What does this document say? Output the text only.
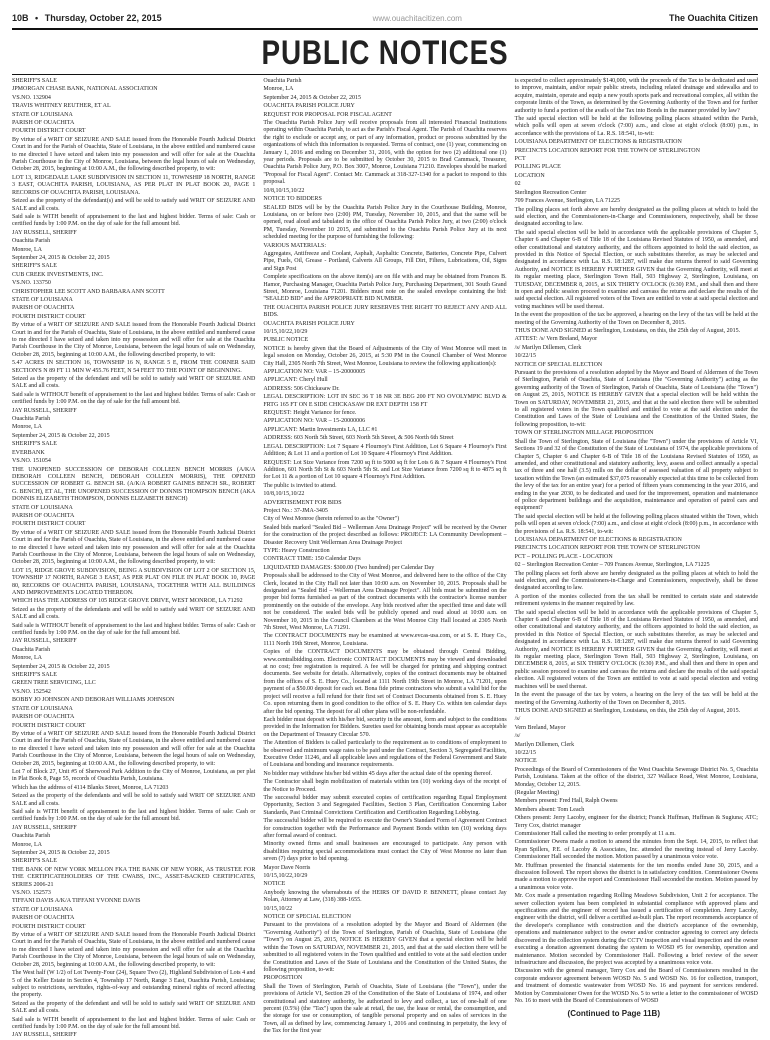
10B • Thursday, October 22, 2015	www.ouachitacitizen.com	The Ouachita Citizen
PUBLIC NOTICES

SHERIFF'S SALE

JPMORGAN CHASE BANK, NATIONAL ASSOCIATION

VS.NO. 132904

TRAVIS WHITNEY REUTHER, ET AL

STATE OF LOUISIANA

PARISH OF OUACHITA

FOURTH DISTRICT COURT

By virtue of a WRIT OF SEIZURE AND SALE issued from the Honorable Fourth Judicial District Court in and for the Parish of Ouachita, State of Louisiana, in the above entitled and numbered cause to me directed I have seized and taken into my possession and will offer for sale at the Ouachita Parish Courthouse in the City of Monroe, Louisiana, between the legal hours of sale on Wednesday, October 28, 2015, beginning at 10:00 A.M., the following described property, to wit:

LOT 13, RIDGEDALE LAKE SUBDIVISION IN SECTION 11, TOWNSHIP 18 NORTH, RANGE 3 EAST, OUACHITA PARISH, LOUISIANA, AS PER PLAT IN PLAT BOOK 20, PAGE 1 RECORDS OF OUACHITA PARISH, LOUISIANA.

Seized as the property of the defendant(s) and will be sold to satisfy said WRIT OF SEIZURE AND SALE and all costs.

Said sale is WITH benefit of appraisement to the last and highest bidder. Terms of sale: Cash or certified funds by 1:00 P.M. on the day of sale for the full amount bid.

JAY RUSSELL, SHERIFF

Ouachita Parish

Monroe, LA

September 24, 2015 & October 22, 2015

SHERIFF'S SALE

CUB CREEK INVESTMENTS, INC.

VS.NO. 133750

CHRISTOPHER LEE SCOTT AND BARBARA ANN SCOTT

STATE OF LOUISIANA

PARISH OF OUACHITA

FOURTH DISTRICT COURT

By virtue of a WRIT OF SEIZURE AND SALE issued from the Honorable Fourth Judicial District Court in and for the Parish of Ouachita, State of Louisiana, in the above entitled and numbered cause to me directed I have seized and taken into my possession and will offer for sale at the Ouachita Parish Courthouse in the City of Monroe, Louisiana, between the legal hours of sale on Wednesday, October 28, 2015, beginning at 10:00 A.M., the following described property, to wit:

5.47 ACRES IN SECTION 16, TOWNSHIP 16 N, RANGE 5 E, FROM THE CORNER SAID SECTION'S N 89 FT 11 MIN W 455.76 FEET, N 54 FEET TO THE POINT OF BEGINNING.

Seized as the property of the defendant and will be sold to satisfy said WRIT OF SEIZURE AND SALE and all costs.

Said sale is WITHOUT benefit of appraisement to the last and highest bidder. Terms of sale: Cash or certified funds by 1:00 P.M. on the day of sale for the full amount bid.

JAY RUSSELL, SHERIFF

Ouachita Parish

Monroe, LA

September 24, 2015 & October 22, 2015

SHERIFF'S SALE

EVERBANK

VS.NO. 151054

THE UNOPENED SUCCESSION OF DEBORAH COLLEEN BENCH MORRIS (A/K/A DEBORAH COLLEEN BENCH, DEBORAH COLLEEN MORRIS), THE OPENED SUCCESSION OF ROBERT G. BENCH SR. (A/K/A ROBERT GAINES BENCH SR., ROBERT G. BENCH), ET AL, THE UNOPENED SUCCESSION OF DONNIS THOMPSON BENCH (AKA DONNIS ELIZABETH THOMPSON, DONNIS ELIZABETH BENCH)

STATE OF LOUISIANA

PARISH OF OUACHITA

FOURTH DISTRICT COURT

By virtue of a WRIT OF SEIZURE AND SALE issued from the Honorable Fourth Judicial District Court in and for the Parish of Ouachita, State of Louisiana, in the above entitled and numbered cause to me directed I have seized and taken into my possession and will offer for sale at the Ouachita Parish Courthouse in the City of Monroe, Louisiana, between the legal hours of sale on Wednesday, October 28, 2015, beginning at 10:00 A.M., the following described property, to wit:

LOT 15, RIDGE GROVE SUBDIVISION, BEING A SUBDIVISION OF LOT 2 OF SECTION 15, TOWNSHIP 17 NORTH, RANGE 3 EAST, AS PER PLAT ON FILE IN PLAT BOOK 10, PAGE 80, RECORDS OF OUACHITA PARISH, LOUISIANA, TOGETHER WITH ALL BUILDINGS AND IMPROVEMENTS LOCATED THEREON.

WHICH HAS THE ADDRESS OF 105 RIDGE GROVE DRIVE, WEST MONROE, LA 71292

Seized as the property of the defendants and will be sold to satisfy said WRIT OF SEIZURE AND SALE and all costs.

Said sale is WITHOUT benefit of appraisement to the last and highest bidder. Terms of sale: Cash or certified funds by 1:00 P.M. on the day of sale for the full amount bid.

JAY RUSSELL, SHERIFF

Ouachita Parish

Monroe, LA

September 24, 2015 & October 22, 2015

SHERIFF'S SALE

GREEN TREE SERVICING, LLC

VS.NO. 152542

BOBBY JO JOHNSON AND DEBORAH WILLIAMS JOHNSON

STATE OF LOUISIANA

PARISH OF OUACHITA

FOURTH DISTRICT COURT

By virtue of a WRIT OF SEIZURE AND SALE issued from the Honorable Fourth Judicial District Court in and for the Parish of Ouachita, State of Louisiana, in the above entitled and numbered cause to me directed I have seized and taken into my possession and will offer for sale at the Ouachita Parish Courthouse in the City of Monroe, Louisiana, between the legal hours of sale on Wednesday, October 28, 2015, beginning at 10:00 A.M., the following described property, to wit:

Lot 7 of Block 27, Unit #5 of Sherwood Park Addition to the City of Monroe, Louisiana, as per plat in Plat Book 8, Page 55, records of Ouachita Parish, Louisiana.

Which has the address of 4114 Blanks Street, Monroe, LA 71203

Seized as the property of the defendants and will be sold to satisfy said WRIT OF SEIZURE AND SALE and all costs.

Said sale is WITH benefit of appraisement to the last and highest bidder. Terms of sale: Cash or certified funds by 1:00 P.M. on the day of sale for the full amount bid.

JAY RUSSELL, SHERIFF

Ouachita Parish

Monroe, LA

September 24, 2015 & October 22, 2015

SHERIFF'S SALE

THE BANK OF NEW YORK MELLON FKA THE BANK OF NEW YORK, AS TRUSTEE FOR THE CERTIFICATEHOLDERS OF THE CWABS, INC., ASSET-BACKED CERTIFICATES, SERIES 2006-21

VS.NO. 152573

TIFFANI DAVIS A/K/A TIFFANI YVONNE DAVIS

STATE OF LOUISIANA

PARISH OF OUACHITA

FOURTH DISTRICT COURT

By virtue of a WRIT OF SEIZURE AND SALE issued from the Honorable Fourth Judicial District Court in and for the Parish of Ouachita, State of Louisiana, in the above entitled and numbered cause to me directed I have seized and taken into my possession and will offer for sale at the Ouachita Parish Courthouse in the City of Monroe, Louisiana, between the legal hours of sale on Wednesday, October 28, 2015, beginning at 10:00 A.M., the following described property, to wit:

The West half (W 1/2) of Lot Twenty-Four (24), Square Two (2), Highland Subdivision of Lots 4 and 5 of the Keller Estate in Section 4, Township 17 North, Range 3 East, Ouachita Parish, Louisiana; subject to restrictions, servitudes, rights-of-way and outstanding mineral rights of record affecting the property.

Seized as the property of the defendant and will be sold to satisfy said WRIT OF SEIZURE AND SALE and all costs.

Said sale is WITH benefit of appraisement to the last and highest bidder. Terms of sale: Cash or certified funds by 1:00 P.M. on the day of sale for the full amount bid.

JAY RUSSELL, SHERIFF

Ouachita Parish

Monroe, LA

September 24, 2015 & October 22, 2015

OUACHITA PARISH POLICE JURY

REQUEST FOR PROPOSAL FOR FISCAL AGENT

The Ouachita Parish Police Jury will receive proposals from all interested Financial Institutions operating within Ouachita Parish, to act as the Parish's Fiscal Agent. The Parish of Ouachita reserves the right to exclude or accept any, or part of any information, product or process submitted by the organizations of which this information is requested. Terms of contract, one (1) year, commencing on January 1, 2016 and ending on December 31, 2016, with the option for two (2) additional one (1) year periods. Proposals are to be submitted by October 30, 2015 to Brad Cammack, Treasurer, Ouachita Parish Police Jury, P.O. Box 3007, Monroe, Louisiana 71210. Envelopes should be marked "Proposal for Fiscal Agent". Contact Mr. Cammack at 318-327-1340 for a packet to respond to this proposal.

10/8,10/15,10/22

NOTICE TO BIDDERS

SEALED BIDS will be by the Ouachita Parish Police Jury in the Courthouse Building, Monroe, Louisiana, on or before two (2:00) PM, Tuesday, November 10, 2015, and that the same will be opened, read aloud and tabulated in the office of Ouachita Parish Police Jury, at two (2:00) o'clock PM, Tuesday, November 10 2015, and submitted to the Ouachita Parish Police Jury at its next scheduled meeting for the purpose of furnishing the following:

VARIOUS MATERIALS:

Aggregates, Antifreeze and Coolant, Asphalt, Asphaltic Concrete, Batteries, Concrete Pipe, Culvert Pipe, Fuels, Oil, Grease - Portland, Calverts All Groups, Fill Dirt, Filters, Lubrications, Oil, Signs and Sign Post

Complete specifications on the above item(s) are on file with and may be obtained from Frances B. Hamor, Purchasing Manager, Ouachita Parish Police Jury, Purchasing Department, 301 South Grand Street, Monroe, Louisiana 71201. Bidders must note on the sealed envelope containing the bid: "SEALED BID" and the APPROPRIATE BID NUMBER.

THE OUACHITA PARISH POLICE JURY RESERVES THE RIGHT TO REJECT ANY AND ALL BIDS.

OUACHITA PARISH POLICE JURY

10/15,10/22,10/29

PUBLIC NOTICE

NOTICE is hereby given that the Board of Adjustments of the City of West Monroe will meet in legal session on Monday, October 26, 2015, at 5:30 PM in the Council Chamber of West Monroe City Hall, 2305 North 7th Street, West Monroe, Louisiana to review the following application(s):

APPLICATION NO: VAR – 15-20000005

APPLICANT: Cheryl Hull

ADDRESS: 506 Chickasaw Dr.

LEGAL DESCRIPTION: LOT IN SEC 36 T 18 NR 3E BEG 200 FT NO OVOLYMPIC BLVD & FRTG 165 FT ON E SIDE CHICKASAW DR EXT DEPTH 158 FT

REQUEST: Height Variance for fence.

APPLICATION NO: VAR – 15-20000006

APPLICANT: Martin Investments LA, LLC #1

ADDRESS: 603 North 5th Street, 603 North 5th Street, & 506 North 6th Street

LEGAL DESCRIPTION: Lot 7 Square 4 Flournoy's First Addition, Lot 6 Square 4 Flournoy's First Addition; & Lot 11 and a portion of Lot 10 Square 4 Flournoy's First Addition.

REQUEST: Lot Size Variance from 7200 sq ft to 5000 sq ft for Lots 6 & 7 Square 4 Flournoy's First Addition, 601 North 5th St & 603 North 5th St. and Lot Size Variance from 7200 sq ft to 4875 sq ft for Lot 11 & a portion of Lot 10 square 4 Flournoy's First Addition.

The public is invited to attend.

10/8,10/15,10/22

ADVERTISEMENT FOR BIDS

Project No.: 37-JMA-3405

City of West Monroe (herein referred to as the "Owner")

Sealed bids marked "Sealed Bid – Wellerman Area Drainage Project" will be received by the Owner for the construction of the project described as follows: PROJECT: LA Community Development – Disaster Recovery Unit Wellerman Area Drainage Project

TYPE: Heavy Construction

CONTRACT TIME: 150 Calendar Days

LIQUIDATED DAMAGES: $300.00 (Two hundred) per Calendar Day

Proposals shall be addressed to the City of West Monroe, and delivered here to the office of the City Clerk, located in the City Hall not later than 10:00 a.m. on November 10, 2015. Proposals shall be designated as "Sealed Bid – Wellerman Area Drainage Project". All bids must be submitted on the proper bid forms furnished as part of the contract documents with the contractor's license number prominently on the outside of the envelope. Any bids received after the specified time and date will not be considered. The sealed bids will be publicly opened and read aloud at 10:00 a.m. on November 10, 2015 in the Council Chambers at the West Monroe City Hall located at 2305 North 7th Street, West Monroe, LA 71291.

The CONTRACT DOCUMENTS may be examined at www.evcas-usa.com, or at S. E. Huey Co., 1111 North 19th Street, Monroe, Louisiana.

Copies of the CONTRACT DOCUMENTS may be obtained through Central Bidding, www.centralbidding.com. Electronic CONTRACT DOCUMENTS may be viewed and downloaded at no cost; free registration is required. A fee will be charged for printing and shipping contract documents. See website for details. Alternatively, copies of the contract documents may be obtained from the offices of S. E. Huey Co., located at 1111 North 19th Street in Monroe, LA 71201, upon payment of a $50.00 deposit for each set. Bona fide prime contractors who submit a valid bid for the project will receive a full refund for their first set of Contract Documents obtained from S. E. Huey Co. upon returning them in good condition to the office of S. E. Huey Co. within ten calendar days after the bid opening. The deposit for all other plans will be non-refundable.

Each bidder must deposit with his/her bid, security in the amount, form and subject to the conditions provided in the Information for Bidders. Sureties used for obtaining bonds must appear as acceptable on the Department of Treasury Circular 570.

The Attention of Bidders is called particularly to the requirement as to conditions of employment to be observed and minimum wage rates to be paid under the Contract, Section 3, Segregated Facilities, Executive Order 11246, and all applicable laws and regulations of the Federal Government and State of Louisiana and bonding and insurance requirements.

No bidder may withdraw his/her bid within 45 days after the actual date of the opening thereof.

The Contractor shall begin mobilization of materials within ten (10) working days of the receipt of the Notice to Proceed.

The successful bidder may submit executed copies of certification regarding Equal Employment Opportunity, Section 3 and Segregated Facilities, Section 3 Plan, Certification Concerning Labor Standards, Past Criminal Convictions Certification and Certification Regarding Lobbying.

The successful bidder will be required to execute the Owner's Standard Form of Agreement Contract for construction together with the Performance and Payment Bonds within ten (10) working days after formal award of contract.

Minority owned firms and small businesses are encouraged to participate. Any person with disabilities requiring special accommodations must contact the City of West Monroe no later than seven (7) days prior to bid opening.

Mayor Dave Norris

10/15,10/22,10/29

NOTICE

Anybody knowing the whereabouts of the HEIRS OF DAVID P. BENNETT, please contact Jay Nolan, Attorney at Law, (318) 388-1655.

10/15,10/22

NOTICE OF SPECIAL ELECTION

Pursuant to the provisions of a resolution adopted by the Mayor and Board of Aldermen (the "Governing Authority") of the Town of Sterlington, Parish of Ouachita, State of Louisiana (the "Town") on August 25, 2015, NOTICE IS HEREBY GIVEN that a special election will be held within the Town on SATURDAY, NOVEMBER 21, 2015, and that at the said election there will be submitted to all registered voters in the Town qualified and entitled to vote at the said election under the Constitution and Laws of the State of Louisiana and the Constitution of the United States, the following proposition, to-wit:

PROPOSITION

Shall the Town of Sterlington, Parish of Ouachita, State of Louisiana (the "Town"), under the provisions of Article VI, Section 29 of the Constitution of the State of Louisiana of 1974, and other constitutional and statutory authority, be authorized to levy and collect, a tax of one-half of one percent (0.5%) (the "Tax") upon the sale at retail, the use, the lease or rental, the consumption, and the storage for use or consumption, of tangible personal property and on sales of services in the Town, all as defined by law, commencing January 1, 2016 and continuing in perpetuity, the levy of the Tax for the first year

is expected to collect approximately $140,000, with the proceeds of the Tax to be dedicated and used to improve, maintain, and/or repair public streets, including related drainage and sidewalks and to acquire, maintain, operate and equip a new youth sports park and recreational complex, all within the corporate limits of the Town, as determined by the Governing Authority of the Town and for further authority to fund a portion of the avails of the Tax into Bonds in the manner provided by law?

The said special election will be held at the following polling places situated within the Parish, which polls will open at seven o'clock (7:00) a.m., and close at eight o'clock (8:00) p.m., in accordance with the provisions of La. R.S. 18:541, to-wit:

LOUISIANA DEPARTMENT OF ELECTIONS & REGISTRATION

PRECINCTS LOCATION REPORT FOR THE TOWN OF STERLINGTON

PCT

POLLING PLACE

LOCATION

02

Sterlington Recreation Center

709 Frances Avenue, Sterlington, LA 71225

The polling places set forth above are hereby designated as the polling places at which to hold the said election, and the Commissioners-in-Charge and Commissioners, respectively, shall be those designated according to law.

The said special election will be held in accordance with the applicable provisions of Chapter 5, Chapter 6 and Chapter 6-B of Title 18 of the Louisiana Revised Statutes of 1950, as amended, and other constitutional and statutory authority, and the officers appointed to hold the said election, as provided in this Notice of Special Election, or such substitutes therefor, as may be selected and designated in accordance with La. R.S. 18:1287, will make due returns thereof to said Governing Authority, and NOTICE IS HEREBY FURTHER GIVEN that the Governing Authority, will meet at its regular meeting place, Sterlington Town Hall, 503 Highway 2, Sterlington, Louisiana, on TUESDAY, DECEMBER 8, 2015, at SIX THIRTY O'CLOCK (6:30) P.M., and shall then and there in open and public session proceed to examine and canvass the returns and declare the results of the said special election. All registered voters of the Town are entitled to vote at said special election and voting machines will be used thereat.

In the event the proposition of the tax be approved, a hearing on the levy of the tax will be held at the meeting of the Governing Authority of the Town on December 8, 2015.

THUS DONE AND SIGNED at Sterlington, Louisiana, on this, the 25th day of August, 2015.

ATTEST: /s/ Vern Breland, Mayor

/s/ Marilyn Dillemen, Clerk

10/22/15

NOTICE OF SPECIAL ELECTION

Pursuant to the provisions of a resolution adopted by the Mayor and Board of Aldermen of the Town of Sterlington, Parish of Ouachita, State of Louisiana (the "Governing Authority") acting as the governing authority of the Town of Sterlington, Parish of Ouachita, State of Louisiana (the "Town") on August 25, 2015, NOTICE IS HEREBY GIVEN that a special election will be held within the Town on SATURDAY, NOVEMBER 21, 2015, and that at the said election there will be submitted to all registered voters in the Town qualified and entitled to vote at the said election under the Constitution and Laws of the State of Louisiana and the Constitution of the United States, the following proposition, to-wit:

TOWN OF STERLINGTON MILLAGE PROPOSITION

Shall the Town of Sterlington, State of Louisiana (the "Town") under the provisions of Article VI, Sections 19 and 32 of the Constitution of the State of Louisiana of 1974, the applicable provisions of Chapter 5, Chapter 6 and Chapter 6-B of Title 18 of the Louisiana Revised Statutes of 1950, as amended, and other constitutional and statutory authority, levy, assess and collect annually a special tax of three and one half (3.5) mills on the dollar of assessed valuation of all property subject to taxation within the Town (an estimated $37,075 reasonably expected at this time to be collected from the levy of the tax for an entire year) for a period of fifteen years commencing in the year 2016, and ending in the year 2030, to be dedicated and used for the improvement, operation and maintenance of police department buildings and the acquisition, maintenance and operation of patrol cars and equipment?

The said special election will be held at the following polling places situated within the Town, which polls will open at seven o'clock (7:00) a.m., and close at eight o'clock (8:00) p.m., in accordance with the provisions of La. R.S. 18:541, to-wit:

LOUISIANA DEPARTMENT OF ELECTIONS & REGISTRATION

PRECINCTS LOCATION REPORT FOR THE TOWN OF STERLINGTON

PCT – POLLING PLACE - LOCATION

02 – Sterlington Recreation Center – 709 Frances Avenue, Sterlington, LA 71225

The polling places set forth above are hereby designated as the polling places at which to hold the said election, and the Commissioners-in-Charge and Commissioners, respectively, shall be those designated according to law.

A portion of the monies collected from the tax shall be remitted to certain state and statewide retirement systems in the manner required by law.

The said special election will be held in accordance with the applicable provisions of Chapter 5, Chapter 6 and Chapter 6-B of Title 18 of the Louisiana Revised Statutes of 1950, as amended, and other constitutional and statutory authority, and the officers appointed to hold the said election, as provided in this Notice of Special Election, or such substitutes therefor, as may be selected and designated in accordance with La. R.S. 18:1287, will make due returns thereof to said Governing Authority, and NOTICE IS HEREBY FURTHER GIVEN that the Governing Authority, will meet at its regular meeting place, Sterlington Town Hall, 503 Highway 2, Sterlington, Louisiana, on DECEMBER 8, 2015, at SIX THIRTY O'CLOCK (6:30) P.M., and shall then and there in open and public session proceed to examine and canvass the returns and declare the results of the said special election. All registered voters of the Town are entitled to vote at said special election and voting machines will be used thereat.

In the event the passage of the tax by voters, a hearing on the levy of the tax will be held at the meeting of the Governing Authority of the Town on December 8, 2015.

THUS DONE AND SIGNED at Sterlington, Louisiana, on this, the 25th day of August, 2015.

/s/

Vern Breland, Mayor

/s/

Marilyn Dillemen, Clerk

10/22/15

NOTICE

Proceedings of the Board of Commissioners of the West Ouachita Sewerage District No. 5, Ouachita Parish, Louisiana. Taken at the office of the district, 327 Wallace Road, West Monroe, Louisiana, Monday, October 12, 2015.

(Regular Meeting)

Members present: Fred Hall, Ralph Owens

Members absent: Tom Leach

Others present: Jerry Lacoby, engineer for the district; Franck Huffman, Huffman & Sugiuna; ATC; Terry Cox, district manager

Commissioner Hall called the meeting to order promptly at 11 a.m.

Commissioner Owens made a motion to amend the minutes from the Sept. 14, 2015, to reflect that Ryan Spillers, P.E. of Lacoby & Associates, Inc. attended the meeting instead of Jerry Lacoby. Commissioner Hall seconded the motion. Motion passed by a unanimous voice vote.

Mr. Huffman presented the financial statements for the ten months ended June 30, 2015, and a discussion followed. The report shows the district is in satisfactory condition. Commissioner Owens made a motion to approve the report and Commissioner Hall seconded the motion. Motion passed by a unanimous voice vote.

Mr. Cox made a presentation regarding Rolling Meadows Subdivision, Unit 2 for acceptance. The sewer collection system has been completed in substantial compliance with approved plans and specifications and the engineer of record has issued a certification of completion. Jerry Lacoby, engineer with the district, will deliver a certified as-built plan. The report recommends acceptance of the developer's compliance with construction and the district's acceptance of the ownership, operations and maintenance subject to the owner and/or contractor agreeing to correct any defects discovered in the collection system during the CCTV inspection and visual inspection and the owner executing a donation agreement donating the system to WOSD #5 for ownership, operation and maintenance. Motion seconded by Commissioner Hall. Following a brief review of the sewer infrastructure and discussion, the project was accepted by a unanimous voice vote.

Discussion with the general manager, Terry Cox and the Board of Commissioners resulted in the corporate endeavor agreement between WOSD No. 5 and WOSD No. 16 for collection, transport, and treatment of domestic wastewater from WOSD No. 16 and payment for services rendered. Motion by Commissioner Owen for the WOSD No. 5 to write a letter to the commissioner of WOSD No. 16 to meet with the Board of Commissioners of WOSD

(Continued to Page 11B)
